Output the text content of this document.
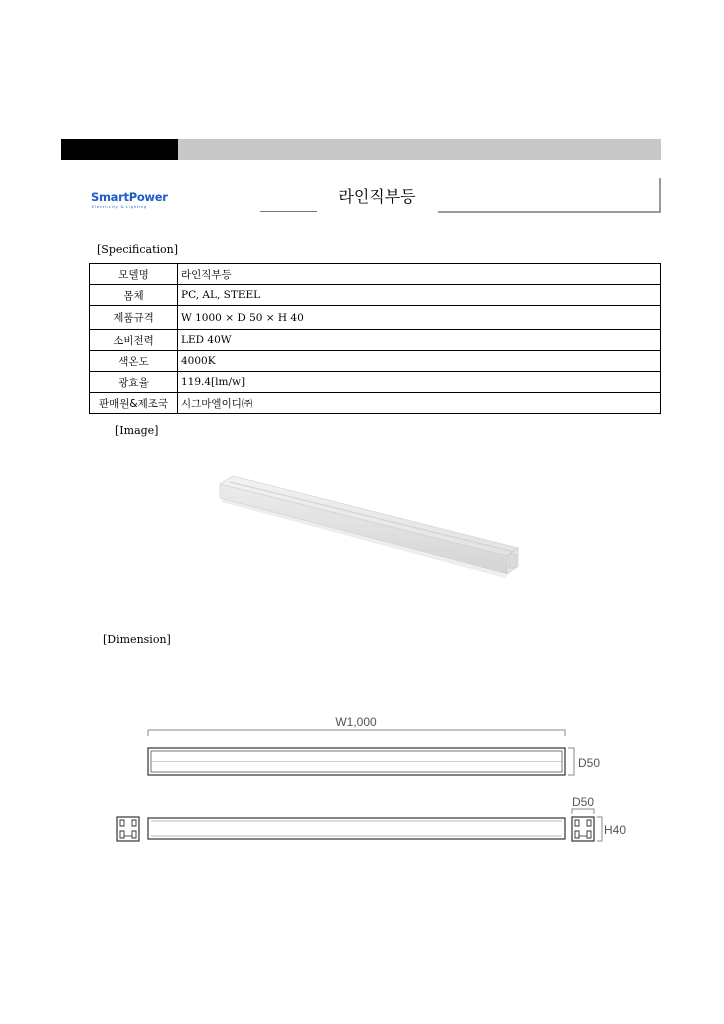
SmartPower
Electricity & Lighting
라인직부등
[Specification]
모델명	라인직부등
몸체	PC, AL, STEEL
제품규격	W 1000 × D 50 × H 40
소비전력	LED 40W
색온도	4000K
광효율	119.4[lm/w]
판매원&제조국	시그마엘이디㈜
[Image]
[Dimension]
W1,000
D50
D50
H40
